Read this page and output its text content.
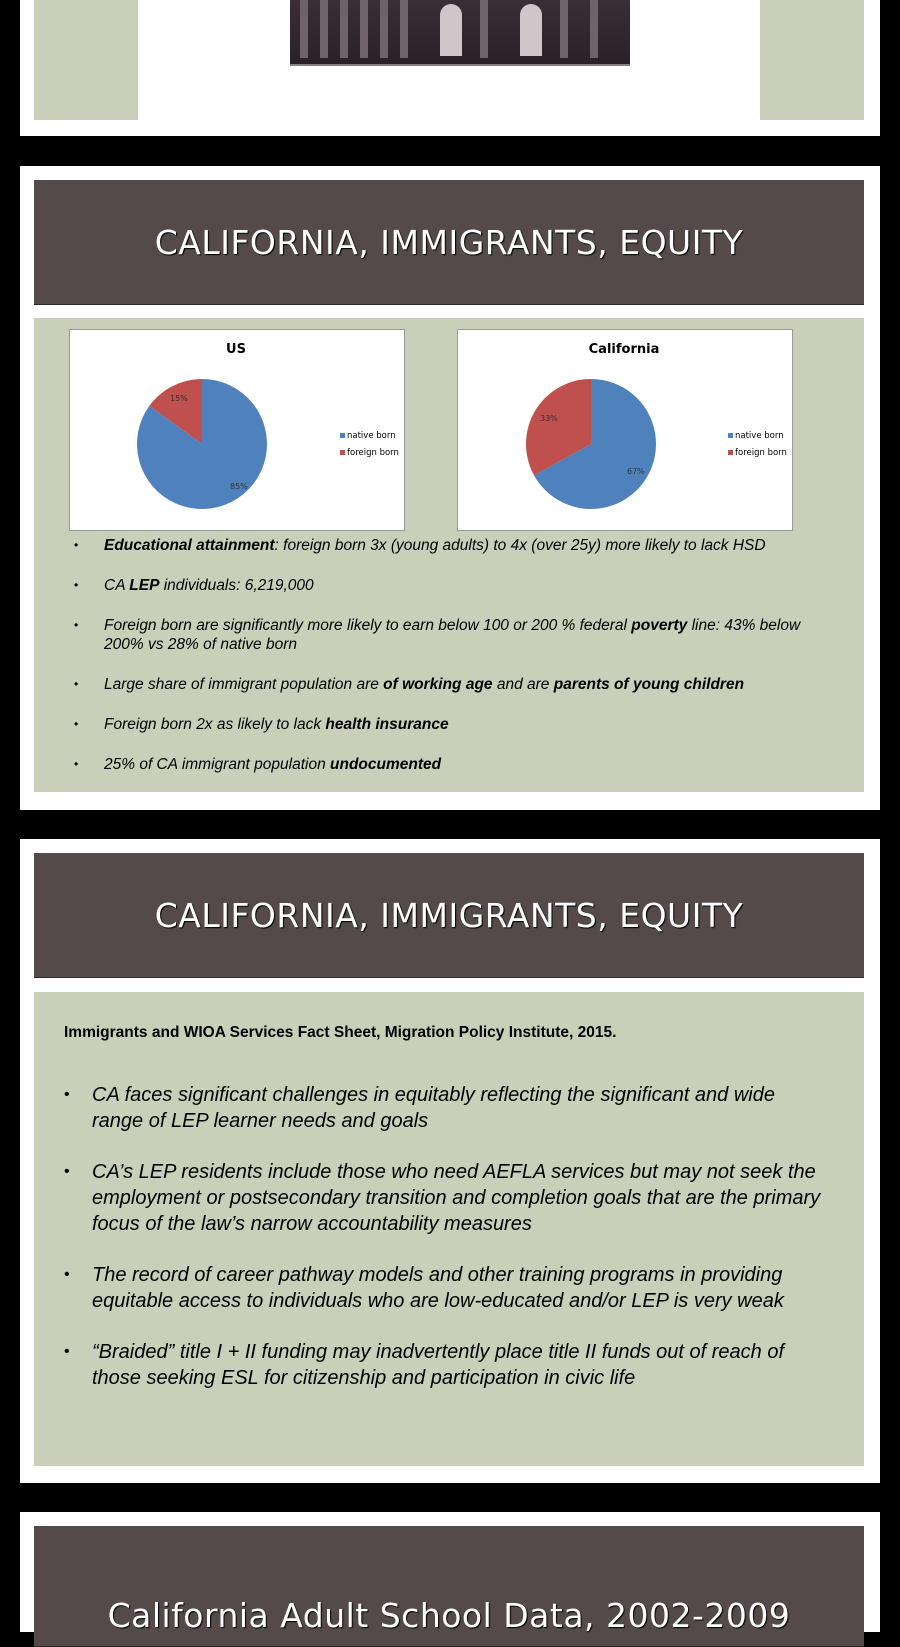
CALIFORNIA, IMMIGRANTS, EQUITY
US
85%
15%
native born
foreign born
California
67%
33%
native born
foreign born
• Educational attainment: foreign born 3x (young adults) to 4x (over 25y) more likely to lack HSD
• CA LEP individuals: 6,219,000
• Foreign born are significantly more likely to earn below 100 or 200 % federal poverty line: 43% below 200% vs 28% of native born
• Large share of immigrant population are of working age and are parents of young children
• Foreign born 2x as likely to lack health insurance
• 25% of CA immigrant population undocumented
CALIFORNIA, IMMIGRANTS, EQUITY
Immigrants and WIOA Services Fact Sheet, Migration Policy Institute, 2015.
• CA faces significant challenges in equitably reflecting the significant and wide range of LEP learner needs and goals
• CA’s LEP residents include those who need AEFLA services but may not seek the employment or postsecondary transition and completion goals that are the primary focus of the law’s narrow accountability measures
• The record of career pathway models and other training programs in providing equitable access to individuals who are low-educated and/or LEP is very weak
• “Braided” title I + II funding may inadvertently place title II funds out of reach of those seeking ESL for citizenship and participation in civic life
California Adult School Data, 2002-2009
